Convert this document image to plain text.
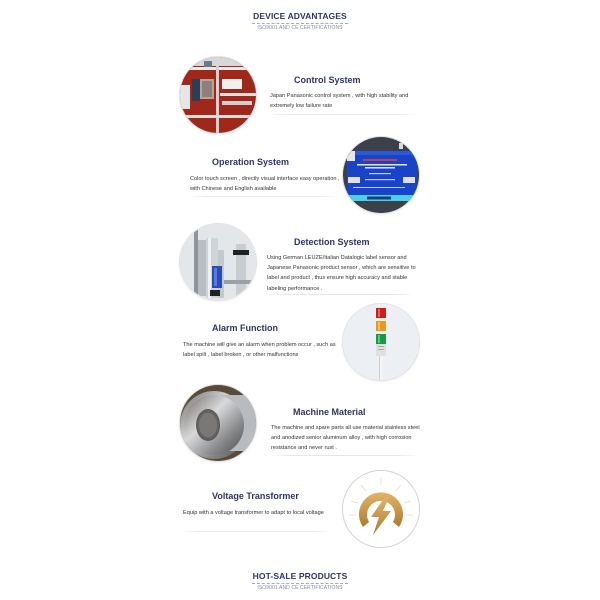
DEVICE ADVANTAGES
ISO9001 AND CE CERTIFICATIONS
Control System
Japan Panasonic control system , with high stability and extremely low failure rate
Operation System
Color touch screen , directly visual interface easy operation , with Chinese and English available
Detection System
Using German LEUZE/Italian Datalogic label sensor and Japanese Panasonic product sensor , which are sensitive to label and product , thus ensure high accuracy and stable labeling performance .
Alarm Function
The machine will give an alarm when problem occur , such as label spilt , label broken , or other malfunctions
Machine Material
The machine and spare parts all use material stainless steel and anodized senior aluminum alloy , with high corrosion resistance and never rust .
Voltage Transformer
Equip with a voltage transformer to adapt to local voltage
HOT-SALE PRODUCTS
ISO9001 AND CE CERTIFICATIONS
